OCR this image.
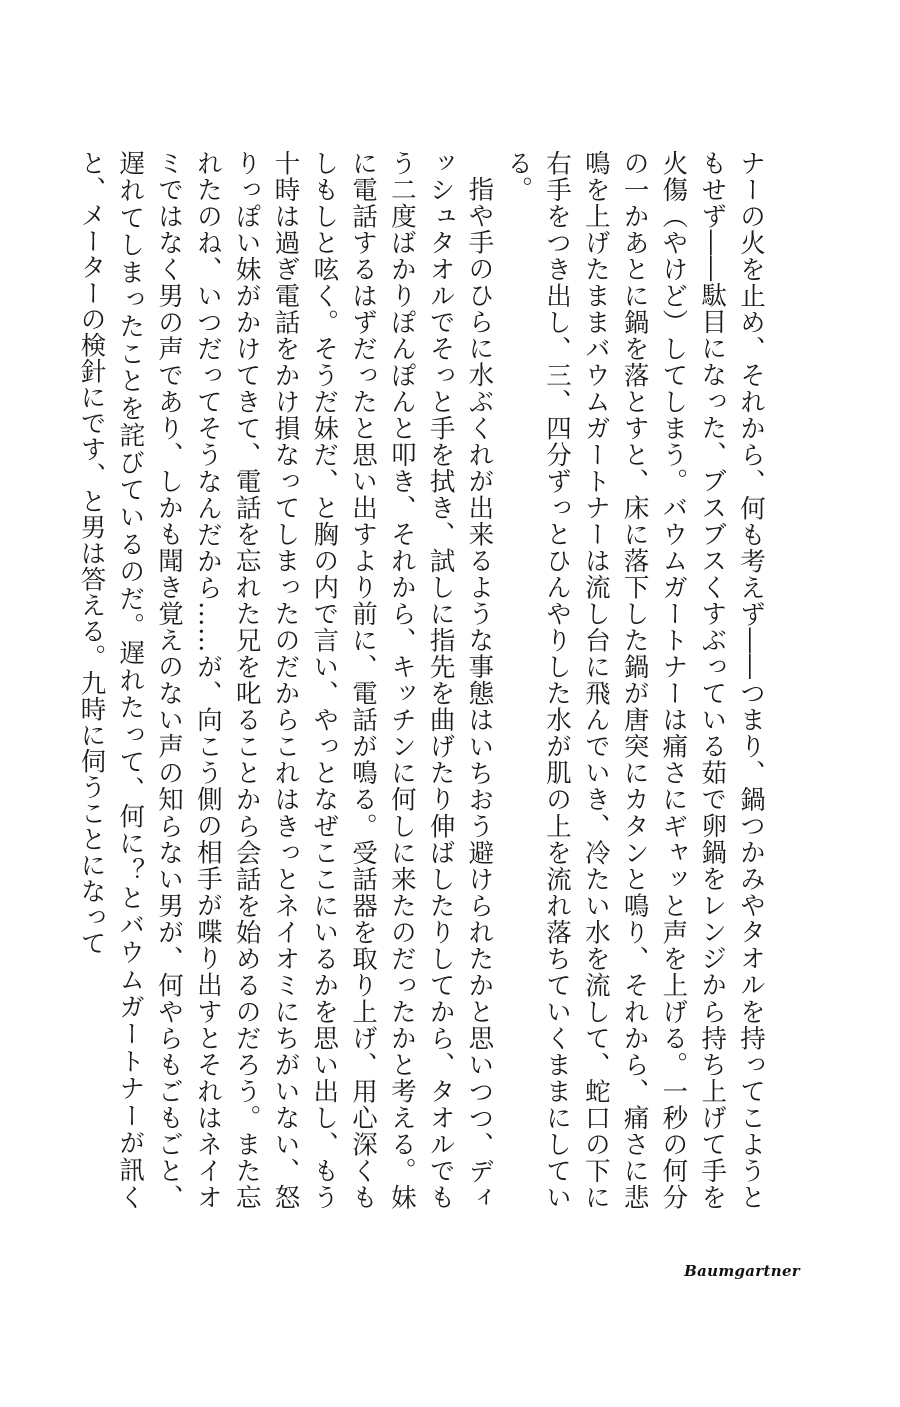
ナーの火を止め、それから、何も考えず――つまり、鍋つかみやタオルを持ってこようともせず――駄目になった、ブスブスくすぶっている茹で卵鍋をレンジから持ち上げて手を火傷（やけど）してしまう。バウムガートナーは痛さにギャッと声を上げる。一秒の何分の一かあとに鍋を落とすと、床に落下した鍋が唐突にカタンと鳴り、それから、痛さに悲鳴を上げたままバウムガートナーは流し台に飛んでいき、冷たい水を流して、蛇口の下に右手をつき出し、三、四分ずっとひんやりした水が肌の上を流れ落ちていくままにしている。

指や手のひらに水ぶくれが出来るような事態はいちおう避けられたかと思いつつ、ディッシュタオルでそっと手を拭き、試しに指先を曲げたり伸ばしたりしてから、タオルでもう二度ばかりぽんぽんと叩き、それから、キッチンに何しに来たのだったかと考える。妹に電話するはずだったと思い出すより前に、電話が鳴る。受話器を取り上げ、用心深くもしもしと呟く。そうだ妹だ、と胸の内で言い、やっとなぜここにいるかを思い出し、もう十時は過ぎ電話をかけ損なってしまったのだからこれはきっとネイオミにちがいない、怒りっぽい妹がかけてきて、電話を忘れた兄を叱ることから会話を始めるのだろう。また忘れたのね、いつだってそうなんだから……が、向こう側の相手が喋り出すとそれはネイオミではなく男の声であり、しかも聞き覚えのない声の知らない男が、何やらもごもごと、遅れてしまったことを詫びているのだ。遅れたって、何に？とバウムガートナーが訊くと、メーターの検針にです、と男は答える。九時に伺うことになって

Baumgartner
